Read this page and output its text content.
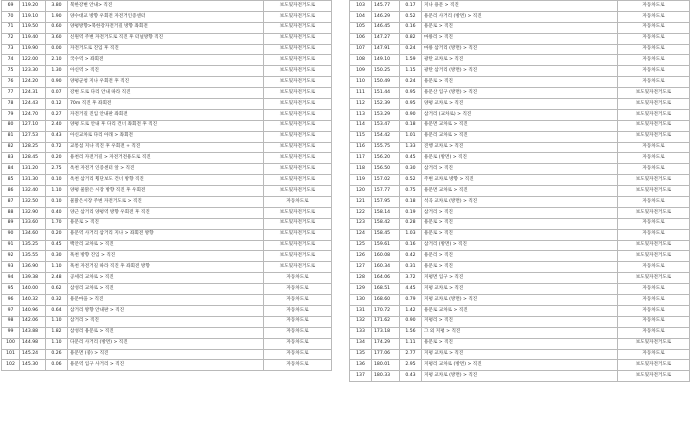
69	119.20	3.80	북한강변 안내> 직진	보도및자전거도로
70	119.10	1.90	양수대교 방향 우회전 자전거인증센터	보도및자전거도로
71	119.50	0.60	양평방향>북한강자전거길 방향 좌회전	보도및자전거도로
72	119.40	3.60	신원역 주변 자전거도로 직진 후 터널방향 직진	보도및자전거도로
73	119.90	0.00	자전거도로 진입 후 직진	보도및자전거도로
74	122.00	2.10	국수역 > 좌회전	보도및자전거도로
75	123.30	1.30	아신역 > 직진	보도및자전거도로
76	124.20	0.90	양평군청 지나 우회전 후 직진	보도및자전거도로
77	124.31	0.07	강변 도로 다리 안내 따라 직진	보도및자전거도로
78	124.43	0.12	70m 직진 후 좌회전	보도및자전거도로
79	124.70	0.27	자전거길 진입 안내판 좌회전	보도및자전거도로
80	127.10	2.40	양평 도로 안내 후 다리 건너 좌회전 후 직진	보도및자전거도로
81	127.53	0.43	아신교차로 다리 아래 > 좌회전	보도및자전거도로
82	128.25	0.72	교통섬 지나 직진 후 우회전 + 직진	보도및자전거도로
83	128.45	0.20	용천리 자전거길 > 자전거전용도로 직진	보도및자전거도로
84	131.20	2.75	옥천 자전거 인증센터 앞 > 직진	보도및자전거도로
85	131.30	0.10	옥천 삼거리 횡단보도 건너 방향 직진	보도및자전거도로
86	132.40	1.10	양평 물맑은 시장 방향 직진 후 우회전	보도및자전거도로
87	132.50	0.10	물맑은시장 주변 자전거도로 > 직진	자동차도로
88	132.90	0.40	양근 삼거리 양평역 방향 우회전 후 직진	보도및자전거도로
89	133.60	1.70	용문로 > 직진	보도및자전거도로
90	134.60	0.20	용문역 사거리 삼거리 지나 > 좌회전 방향	보도및자전거도로
91	135.25	0.45	백안리 교차로 > 직진	보도및자전거도로
92	135.55	0.30	흑천 방향 진입 > 직진	보도및자전거도로
93	136.90	1.10	흑천 자전거길 따라 직진 후 좌회전 방향	보도및자전거도로
94	139.38	2.48	공세리 교차로 > 직진	자동차도로
95	140.00	0.62	삼성리 교차로 > 직진	자동차도로
96	140.32	0.32	용문마을 > 직진	자동차도로
97	140.96	0.64	삼거리 방향 안내판 > 직진	자동차도로
98	142.06	1.10	삼거리 > 직진	자동차도로
99	143.88	1.82	삼성리 용문로 > 직진	자동차도로
100	144.98	1.10	다문리 사거리 (방면) > 직진	자동차도로
101	145.24	0.26	용문면 (중) > 직진	자동차도로
102	145.30	0.06	용문역 입구 사거리 > 직진	자동차도로
103	145.77	0.17	지나 용문 > 직진	자동차도로
104	146.29	0.52	용문리 사거리 (방면) > 직진	자동차도로
105	146.45	0.16	용문로 > 직진	자동차도로
106	147.27	0.82	마룡리 > 직진	자동차도로
107	147.91	0.24	마룡 삼거리 (방면) > 직진	자동차도로
108	149.10	1.59	광탄 교차로 > 직진	자동차도로
109	150.25	1.15	광탄 삼거리 (방면) > 직진	자동차도로
110	150.49	0.24	용문로 > 직진	자동차도로
111	151.44	0.95	용문산 입구 (방면) > 직진	보도및자전거도로
112	152.39	0.95	양평 교차로 > 직진	보도및자전거도로
113	153.29	0.90	삼거리 (교차로) > 직진	보도및자전거도로
114	153.47	0.18	용문면 교차로 > 직진	보도및자전거도로
115	154.42	1.01	용문리 교차로 > 직진	보도및자전거도로
116	155.75	1.33	진행 교차로 > 직진	자동차도로
117	156.20	0.45	용문로 (방면) > 직진	자동차도로
118	156.50	0.30	삼거리 > 직진	자동차도로
119	157.02	0.52	주변 교차로 방향 > 직진	보도및자전거도로
120	157.77	0.75	용문면 교차로 > 직진	보도및자전거도로
121	157.95	0.18	석곡 교차로 (방면) > 직진	자동차도로
122	158.14	0.19	삼거리 > 직진	보도및자전거도로
123	158.42	0.28	용문로 > 직진	자동차도로
124	158.45	1.03	용문로 > 직진	자동차도로
125	159.61	0.16	삼거리 (방면) > 직진	보도및자전거도로
126	160.08	0.42	용문리 > 직진	보도및자전거도로
127	160.34	0.31	용문로 > 직진	자동차도로
128	164.06	3.72	지평면 입구 > 직진	보도및자전거도로
129	168.51	4.45	지평 교차로 > 직진	자동차도로
130	168.60	0.79	지평 교차로 (방면) > 직진	자동차도로
131	170.72	1.42	용문로 교차로 > 직진	자동차도로
132	171.62	0.90	지평리 > 직진	자동차도로
133	173.18	1.56	그 외 지평 > 직진	자동차도로
134	174.29	1.11	용문로 > 직진	보도및자전거도로
135	177.06	2.77	지평 교차로 > 직진	자동차도로
136	180.01	2.95	지평리 교차로 (방면) > 직진	보도및자전거도로
137	180.33	0.43	지평 교차로 (방면) > 직진	보도및자전거도로
